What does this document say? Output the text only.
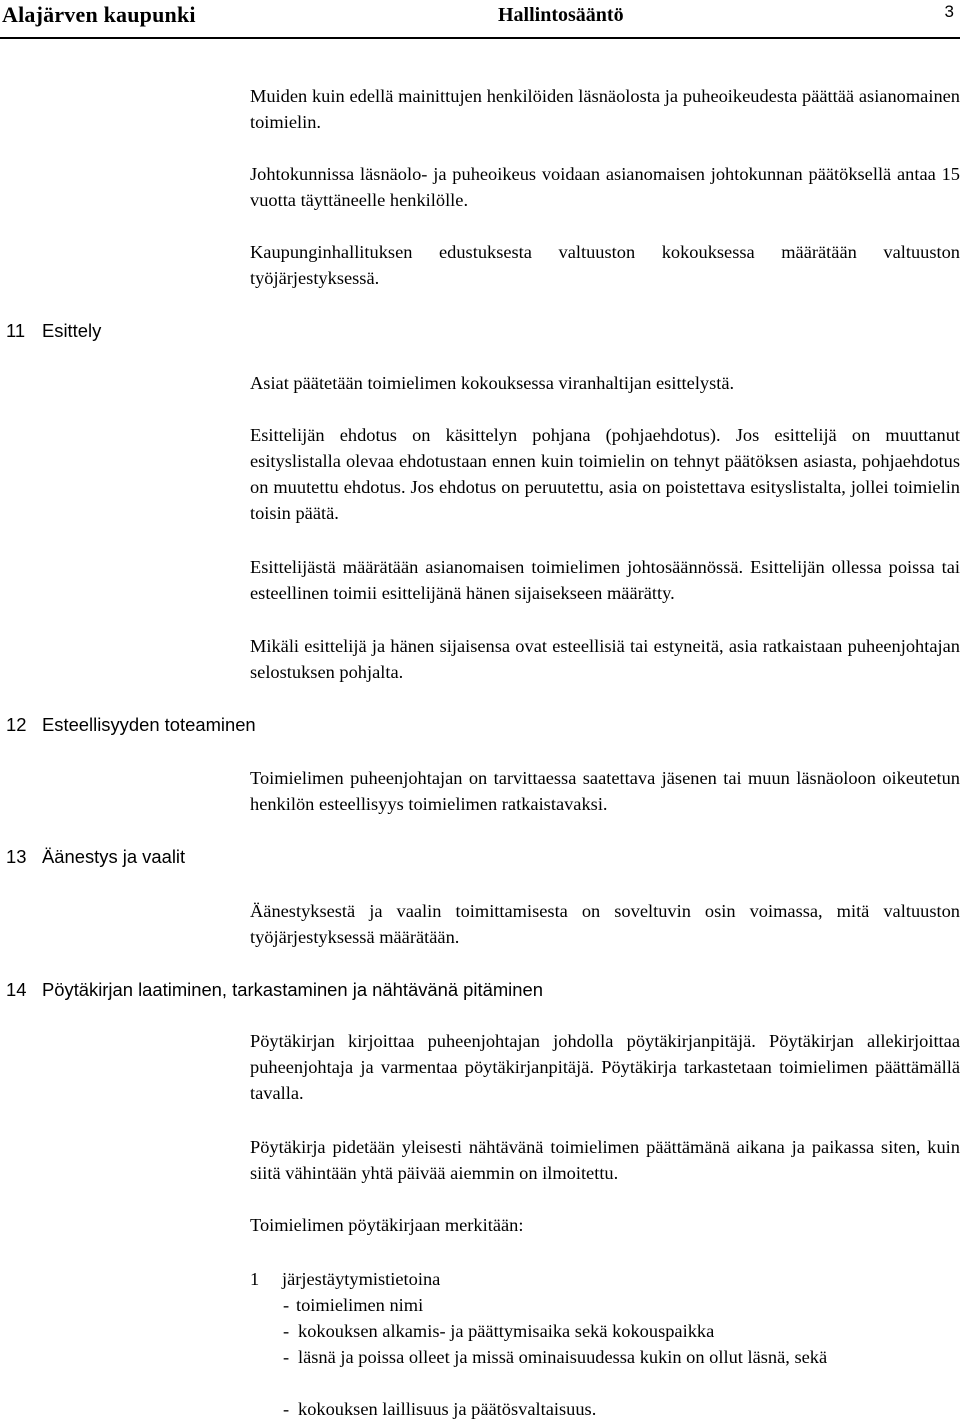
Alajärven kaupunki	Hallintosääntö	3

Muiden kuin edellä mainittujen henkilöiden läsnäolosta ja puheoikeudesta päättää asianomainen toimielin.

Johtokunnissa läsnäolo- ja puheoikeus voidaan asianomaisen johtokunnan päätöksellä antaa 15 vuotta täyttäneelle henkilölle.

Kaupunginhallituksen edustuksesta valtuuston kokouksessa määrätään valtuuston työjärjestyksessä.

11 Esittely

Asiat päätetään toimielimen kokouksessa viranhaltijan esittelystä.

Esittelijän ehdotus on käsittelyn pohjana (pohjaehdotus). Jos esittelijä on muuttanut esityslistalla olevaa ehdotustaan ennen kuin toimielin on tehnyt päätöksen asiasta, pohjaehdotus on muutettu ehdotus. Jos ehdotus on peruutettu, asia on poistettava esityslistalta, jollei toimielin toisin päätä.

Esittelijästä määrätään asianomaisen toimielimen johtosäännössä. Esittelijän ollessa poissa tai esteellinen toimii esittelijänä hänen sijaisekseen määrätty.

Mikäli esittelijä ja hänen sijaisensa ovat esteellisiä tai estyneitä, asia ratkaistaan puheenjohtajan selostuksen pohjalta.

12 Esteellisyyden toteaminen

Toimielimen puheenjohtajan on tarvittaessa saatettava jäsenen tai muun läsnäoloon oikeutetun henkilön esteellisyys toimielimen ratkaistavaksi.

13 Äänestys ja vaalit

Äänestyksestä ja vaalin toimittamisesta on soveltuvin osin voimassa, mitä valtuuston työjärjestyksessä määrätään.

14 Pöytäkirjan laatiminen, tarkastaminen ja nähtävänä pitäminen

Pöytäkirjan kirjoittaa puheenjohtajan johdolla pöytäkirjanpitäjä. Pöytäkirjan allekirjoittaa puheenjohtaja ja varmentaa pöytäkirjanpitäjä. Pöytäkirja tarkastetaan toimielimen päättämällä tavalla.

Pöytäkirja pidetään yleisesti nähtävänä toimielimen päättämänä aikana ja paikassa siten, kuin siitä vähintään yhtä päivää aiemmin on ilmoitettu.

Toimielimen pöytäkirjaan merkitään:

1 järjestäytymistietoina
- toimielimen nimi
- kokouksen alkamis- ja päättymisaika sekä kokouspaikka
- läsnä ja poissa olleet ja missä ominaisuudessa kukin on ollut läsnä, sekä
- kokouksen laillisuus ja päätösvaltaisuus.
